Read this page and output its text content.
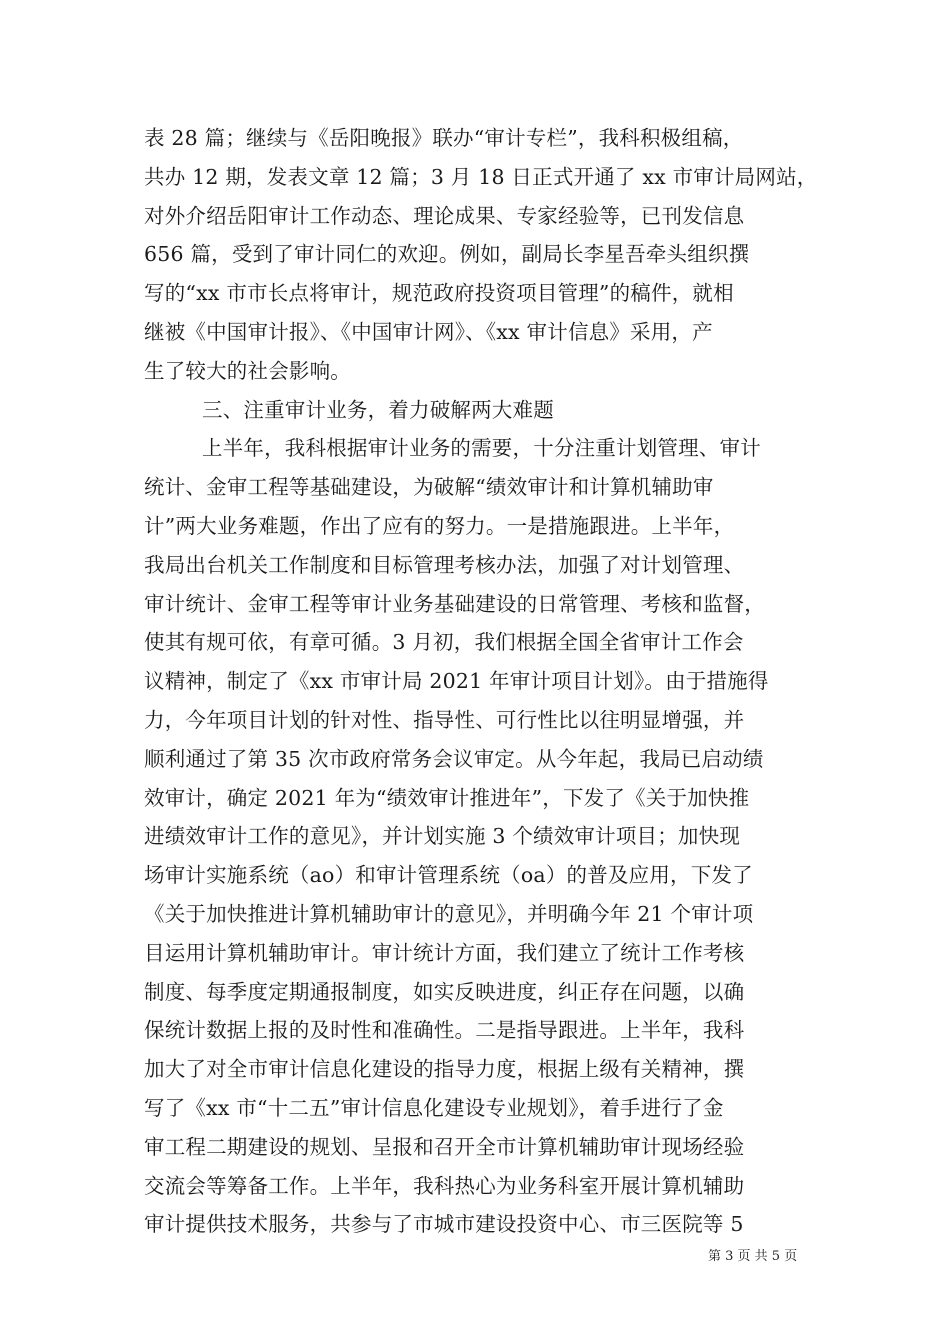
表 28 篇；继续与《岳阳晚报》联办“审计专栏”，我科积极组稿，
共办 12 期，发表文章 12 篇；3 月 18 日正式开通了 xx 市审计局网站，
对外介绍岳阳审计工作动态、理论成果、专家经验等，已刊发信息
656 篇，受到了审计同仁的欢迎。例如，副局长李星吾牵头组织撰
写的“xx 市市长点将审计，规范政府投资项目管理”的稿件，就相
继被《中国审计报》、《中国审计网》、《xx 审计信息》采用，产
生了较大的社会影响。
三、注重审计业务，着力破解两大难题
上半年，我科根据审计业务的需要，十分注重计划管理、审计
统计、金审工程等基础建设，为破解“绩效审计和计算机辅助审
计”两大业务难题，作出了应有的努力。一是措施跟进。上半年，
我局出台机关工作制度和目标管理考核办法，加强了对计划管理、
审计统计、金审工程等审计业务基础建设的日常管理、考核和监督，
使其有规可依，有章可循。3 月初，我们根据全国全省审计工作会
议精神，制定了《xx 市审计局 2021 年审计项目计划》。由于措施得
力，今年项目计划的针对性、指导性、可行性比以往明显增强，并
顺利通过了第 35 次市政府常务会议审定。从今年起，我局已启动绩
效审计，确定 2021 年为“绩效审计推进年”，下发了《关于加快推
进绩效审计工作的意见》，并计划实施 3 个绩效审计项目；加快现
场审计实施系统（ao）和审计管理系统（oa）的普及应用，下发了
《关于加快推进计算机辅助审计的意见》，并明确今年 21 个审计项
目运用计算机辅助审计。审计统计方面，我们建立了统计工作考核
制度、每季度定期通报制度，如实反映进度，纠正存在问题，以确
保统计数据上报的及时性和准确性。二是指导跟进。上半年，我科
加大了对全市审计信息化建设的指导力度，根据上级有关精神，撰
写了《xx 市“十二五”审计信息化建设专业规划》，着手进行了金
审工程二期建设的规划、呈报和召开全市计算机辅助审计现场经验
交流会等筹备工作。上半年，我科热心为业务科室开展计算机辅助
审计提供技术服务，共参与了市城市建设投资中心、市三医院等 5
第 3 页 共 5 页
